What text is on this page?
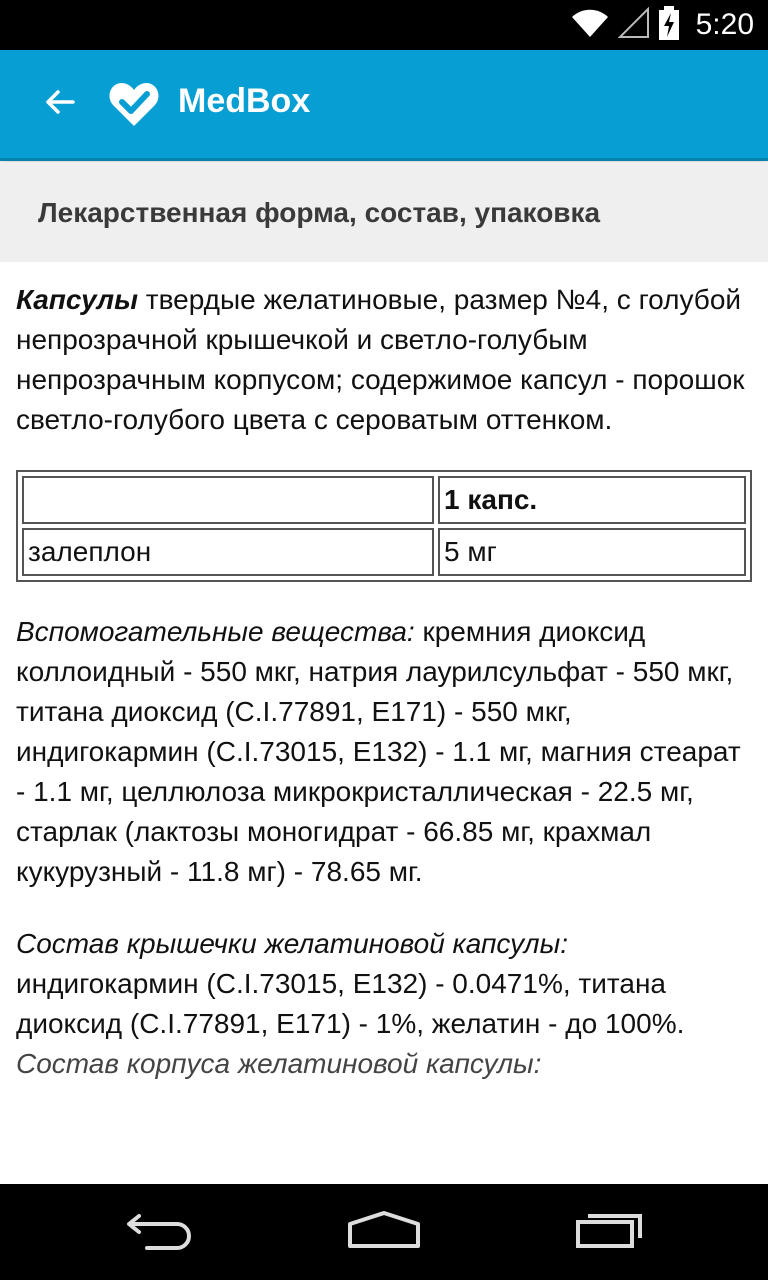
5:20
MedBox
Лекарственная форма, состав, упаковка

Капсулы твердые желатиновые, размер №4, с голубой непрозрачной крышечкой и светло-голубым непрозрачным корпусом; содержимое капсул - порошок светло-голубого цвета с сероватым оттенком.

	1 капс.
залеплон	5 мг

Вспомогательные вещества: кремния диоксид коллоидный - 550 мкг, натрия лаурилсульфат - 550 мкг, титана диоксид (C.I.77891, E171) - 550 мкг, индигокармин (C.I.73015, E132) - 1.1 мг, магния стеарат - 1.1 мг, целлюлоза микрокристаллическая - 22.5 мг, старлак (лактозы моногидрат - 66.85 мг, крахмал кукурузный - 11.8 мг) - 78.65 мг.

Состав крышечки желатиновой капсулы: индигокармин (C.I.73015, E132) - 0.0471%, титана диоксид (C.I.77891, E171) - 1%, желатин - до 100%.

Состав корпуса желатиновой капсулы:
